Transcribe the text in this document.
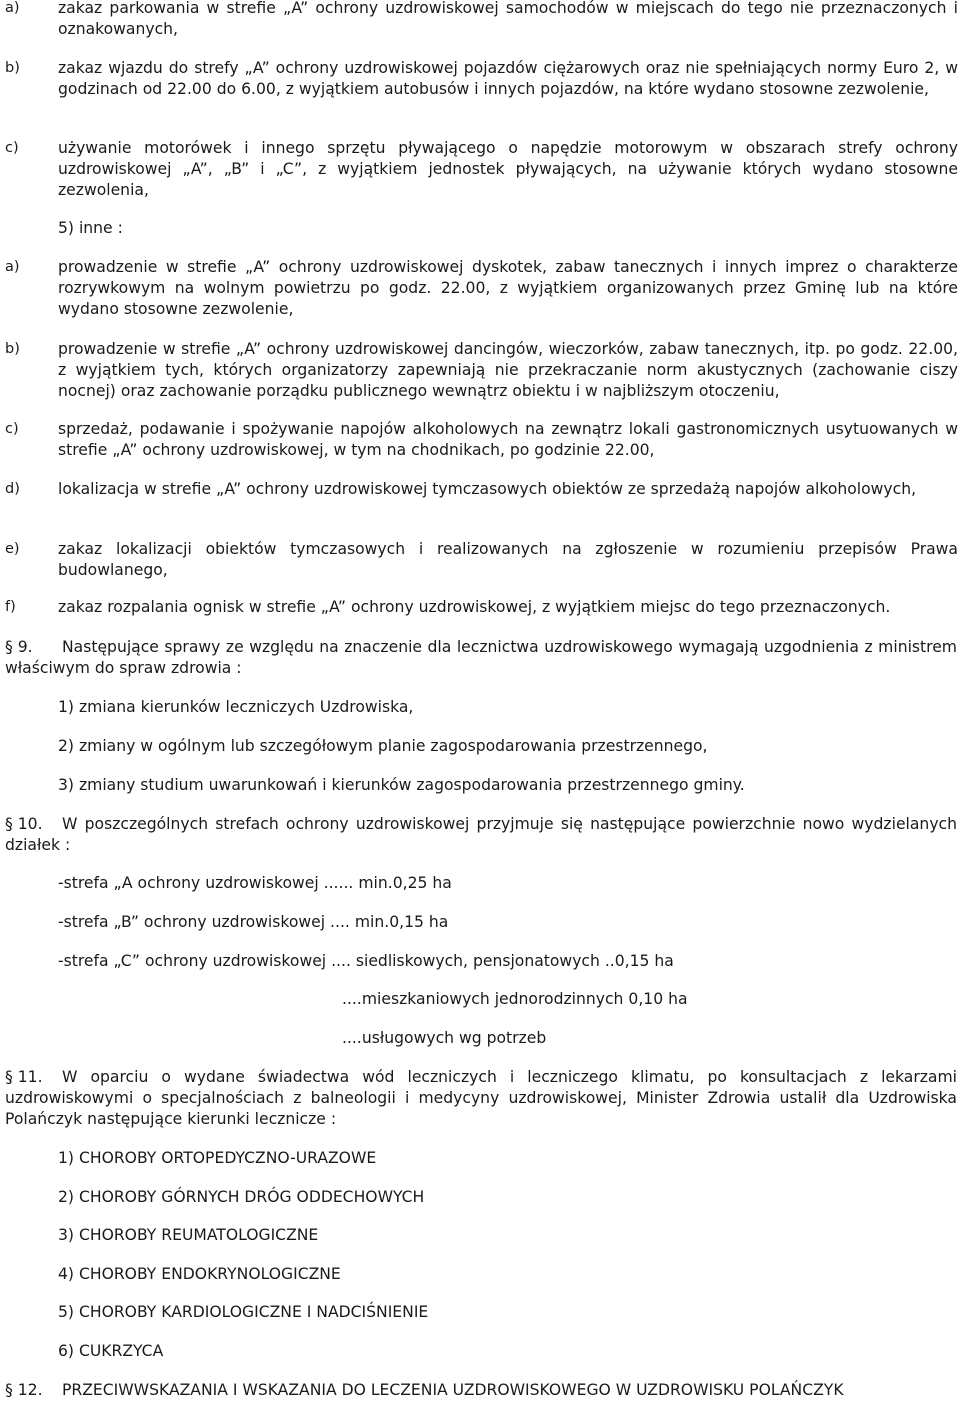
a) zakaz parkowania w strefie „A” ochrony uzdrowiskowej samochodów w miejscach do tego nie przeznaczonych i oznakowanych,
b) zakaz wjazdu do strefy „A” ochrony uzdrowiskowej pojazdów ciężarowych oraz nie spełniających normy Euro 2, w godzinach od 22.00 do 6.00, z wyjątkiem autobusów i innych pojazdów, na które wydano stosowne zezwolenie,
c)	używanie motorówek i innego sprzętu pływającego o napędzie motorowym w obszarach strefy ochrony uzdrowiskowej „A”, „B” i „C”, z wyjątkiem jednostek pływających, na używanie których wydano stosowne zezwolenia,
5) inne :
a) prowadzenie w strefie „A” ochrony uzdrowiskowej dyskotek, zabaw tanecznych i innych imprez o charakterze rozrywkowym na wolnym powietrzu po godz. 22.00, z wyjątkiem organizowanych przez Gminę lub na które wydano stosowne zezwolenie,
b) prowadzenie w strefie „A” ochrony uzdrowiskowej dancingów, wieczorków, zabaw tanecznych, itp. po godz. 22.00, z wyjątkiem tych, których organizatorzy zapewniają nie przekraczanie norm akustycznych (zachowanie ciszy nocnej) oraz zachowanie porządku publicznego wewnątrz obiektu i w najbliższym otoczeniu,
c)	sprzedaż, podawanie i spożywanie napojów alkoholowych na zewnątrz lokali gastronomicznych usytuowanych w strefie „A” ochrony uzdrowiskowej, w tym na chodnikach, po godzinie 22.00,
d) lokalizacja w strefie „A” ochrony uzdrowiskowej tymczasowych obiektów ze sprzedażą napojów alkoholowych,
e) zakaz lokalizacji obiektów tymczasowych i realizowanych na zgłoszenie w rozumieniu przepisów Prawa budowlanego,
f)	zakaz rozpalania ognisk w strefie „A” ochrony uzdrowiskowej, z wyjątkiem miejsc do tego przeznaczonych.
§ 9. Następujące sprawy ze względu na znaczenie dla lecznictwa uzdrowiskowego wymagają uzgodnienia z ministrem właściwym do spraw zdrowia :
1) zmiana kierunków leczniczych Uzdrowiska,
2) zmiany w ogólnym lub szczegółowym planie zagospodarowania przestrzennego,
3) zmiany studium uwarunkowań i kierunków zagospodarowania przestrzennego gminy.
§ 10. W poszczególnych strefach ochrony uzdrowiskowej przyjmuje się następujące powierzchnie nowo wydzielanych działek :
-strefa „A ochrony uzdrowiskowej ...... min.0,25 ha
-strefa „B” ochrony uzdrowiskowej .... min.0,15 ha
-strefa „C” ochrony uzdrowiskowej .... siedliskowych, pensjonatowych ..0,15 ha
....mieszkaniowych jednorodzinnych 0,10 ha
....usługowych wg potrzeb
§ 11. W oparciu o wydane świadectwa wód leczniczych i leczniczego klimatu, po konsultacjach z lekarzami uzdrowiskowymi o specjalnościach z balneologii i medycyny uzdrowiskowej, Minister Zdrowia ustalił dla Uzdrowiska Polańczyk następujące kierunki lecznicze :
1) CHOROBY ORTOPEDYCZNO-URAZOWE
2) CHOROBY GÓRNYCH DRÓG ODDECHOWYCH
3) CHOROBY REUMATOLOGICZNE
4) CHOROBY ENDOKRYNOLOGICZNE
5) CHOROBY KARDIOLOGICZNE I NADCIŚNIENIE
6) CUKRZYCA
§ 12. PRZECIWWSKAZANIA I WSKAZANIA DO LECZENIA UZDROWISKOWEGO W UZDROWISKU POLAŃCZYK
